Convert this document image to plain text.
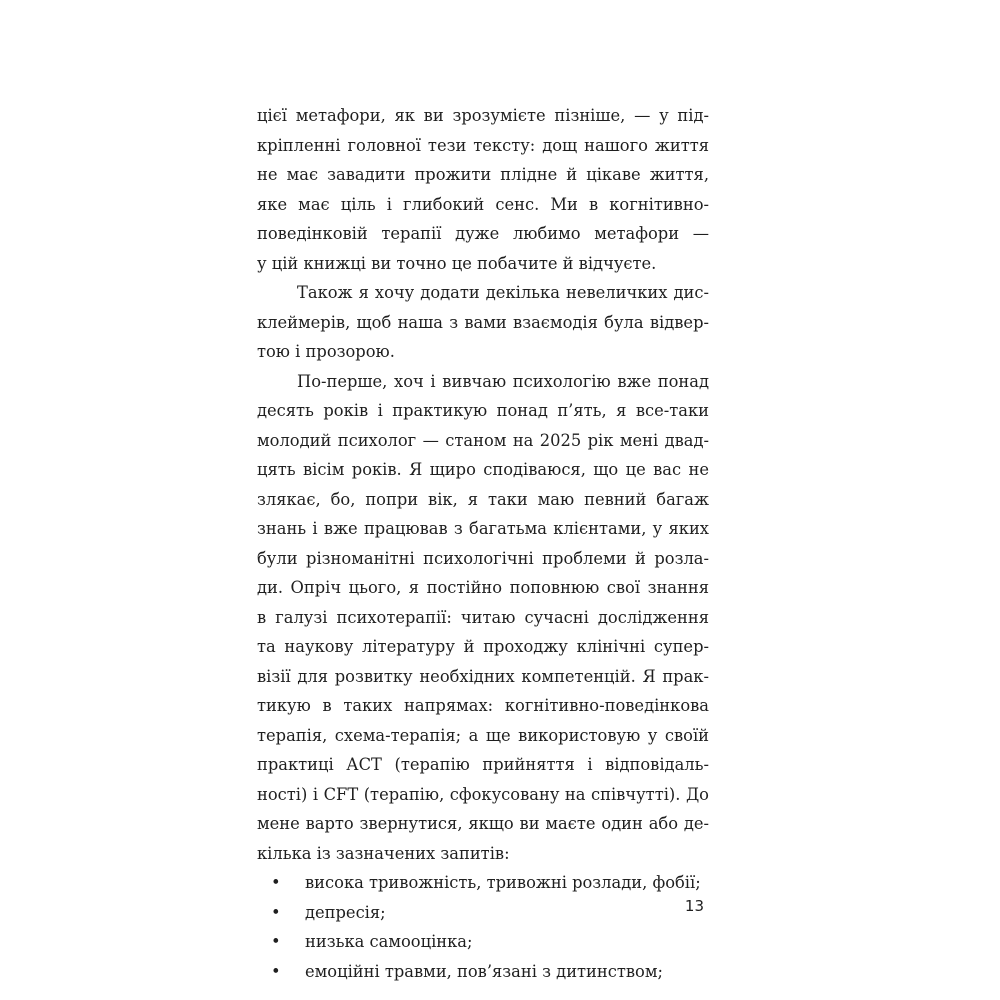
цієї метафори, як ви зрозумієте пізніше, — у під-
кріпленні головної тези тексту: дощ нашого життя
не має завадити прожити плідне й цікаве життя,
яке має ціль і глибокий сенс. Ми в когнітивно-
поведінковій терапії дуже любимо метафори —
у цій книжці ви точно це побачите й відчуєте.

Також я хочу додати декілька невеличких дис-
клеймерів, щоб наша з вами взаємодія була відвер-
тою і прозорою.

По-перше, хоч і вивчаю психологію вже понад
десять років і практикую понад п’ять, я все-таки
молодий психолог — станом на 2025 рік мені двад-
цять вісім років. Я щиро сподіваюся, що це вас не
злякає, бо, попри вік, я таки маю певний багаж
знань і вже працював з багатьма клієнтами, у яких
були різноманітні психологічні проблеми й розла-
ди. Опріч цього, я постійно поповнюю свої знання
в галузі психотерапії: читаю сучасні дослідження
та наукову літературу й проходжу клінічні супер-
візії для розвитку необхідних компетенцій. Я прак-
тикую в таких напрямах: когнітивно-поведінкова
терапія, схема-терапія; а ще використовую у своїй
практиці АСТ (терапію прийняття і відповідаль-
ності) і CFT (терапію, сфокусовану на співчутті). До
мене варто звернутися, якщо ви маєте один або де-
кілька із зазначених запитів:

• висока тривожність, тривожні розлади, фобії;
• депресія;
• низька самооцінка;
• емоційні травми, пов’язані з дитинством;
13
